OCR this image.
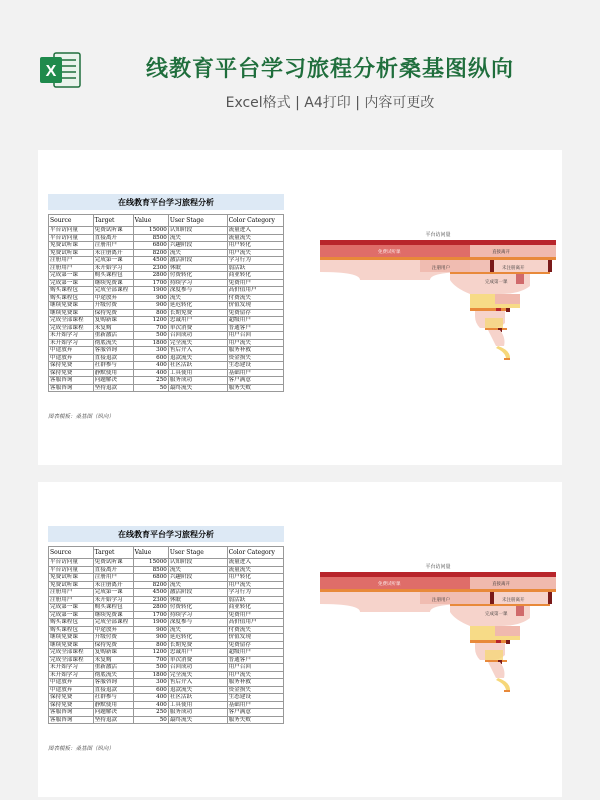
X	线教育平台学习旅程分析桑基图纵向
Excel格式 | A4打印 | 内容可更改
在线教育平台学习旅程分析
Source	Target	Value	User Stage	Color Category
平台访问量	免费试听课	15000	认知阶段	流量进入
平台访问量	直接离开	8500	流失	流量流失
免费试听课	注册用户	6800	兴趣阶段	用户转化
免费试听课	未注册离开	8200	流失	用户流失
注册用户	完成第一课	4500	激活阶段	学习行为
注册用户	未开始学习	2300	休眠	弱活跃
完成第一课	购买课程包	2800	付费转化	商业转化
完成第一课	继续免费课	1700	持续学习	免费用户
购买课程包	完成全部课程	1900	深度参与	高价值用户
购买课程包	中途放弃	900	流失	付费流失
继续免费课	升级付费	900	延迟转化	价值发现
继续免费课	保持免费	800	长期免费	免费留存
完成全部课程	复购新课	1200	忠诚用户	超级用户
完成全部课程	未复购	700	单次消费	普通客户
未开始学习	重新激活	500	召回成功	用户召回
未开始学习	彻底流失	1800	完全流失	用户流失
中途放弃	客服咨询	300	售后介入	服务补救
中途放弃	直接退款	600	退款流失	资金损失
保持免费	社群参与	400	社区活跃	生态建设
保持免费	静默使用	400	工具使用	基础用户
客服咨询	问题解决	250	服务成功	客户满意
客服咨询	坚持退款	50	最终流失	服务失败
图表模板：桑基图（纵向）
平台访问量
免费试听课	直接离开
注册用户	未注册离开
完成第一课
在线教育平台学习旅程分析
Source	Target	Value	User Stage	Color Category
平台访问量	免费试听课	15000	认知阶段	流量进入
平台访问量	直接离开	8500	流失	流量流失
免费试听课	注册用户	6800	兴趣阶段	用户转化
免费试听课	未注册离开	8200	流失	用户流失
注册用户	完成第一课	4500	激活阶段	学习行为
注册用户	未开始学习	2300	休眠	弱活跃
完成第一课	购买课程包	2800	付费转化	商业转化
完成第一课	继续免费课	1700	持续学习	免费用户
购买课程包	完成全部课程	1900	深度参与	高价值用户
购买课程包	中途放弃	900	流失	付费流失
继续免费课	升级付费	900	延迟转化	价值发现
继续免费课	保持免费	800	长期免费	免费留存
完成全部课程	复购新课	1200	忠诚用户	超级用户
完成全部课程	未复购	700	单次消费	普通客户
未开始学习	重新激活	500	召回成功	用户召回
未开始学习	彻底流失	1800	完全流失	用户流失
中途放弃	客服咨询	300	售后介入	服务补救
中途放弃	直接退款	600	退款流失	资金损失
保持免费	社群参与	400	社区活跃	生态建设
保持免费	静默使用	400	工具使用	基础用户
客服咨询	问题解决	250	服务成功	客户满意
客服咨询	坚持退款	50	最终流失	服务失败
图表模板：桑基图（纵向）
平台访问量
免费试听课	直接离开
注册用户	未注册离开
完成第一课
